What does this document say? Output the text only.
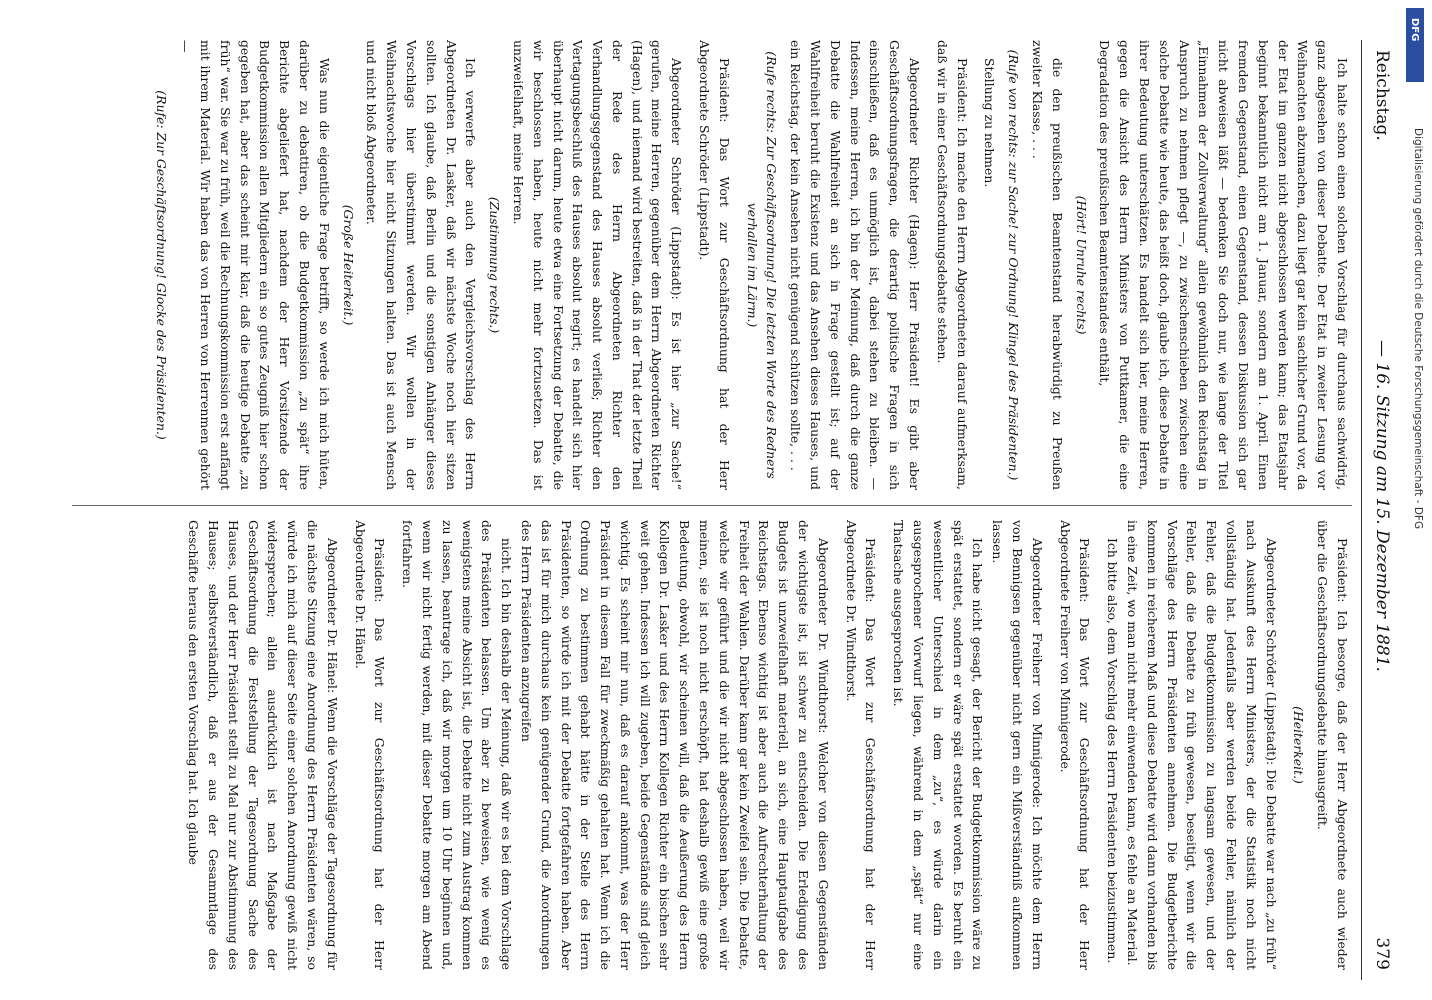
Reichstag.
— 16. Sitzung am 15. Dezember 1881.
379

Ich halte schon einen solchen Vorschlag für durchaus sachwidrig, ganz abgesehen von dieser Debatte. Der Etat in zweiter Lesung vor Weihnachten abzumachen, dazu liegt gar kein sachlicher Grund vor, da der Etat im ganzen nicht abgeschlossen werden kann; das Etatsjahr beginnt bekanntlich nicht am 1. Januar, sondern am 1. April. Einen fremden Gegenstand, einen Gegenstand, dessen Diskussion sich gar nicht abweisen läßt — bedenken Sie doch nur, wie lange der Titel „Einnahmen der Zollverwaltung“ allein gewöhnlich den Reichstag in Anspruch zu nehmen pflegt —, zu zwischenschieben zwischen eine solche Debatte wie heute, das heißt doch, glaube ich, diese Debatte in ihrer Bedeutung unterschätzen. Es handelt sich hier, meine Herren, gegen die Ansicht des Herrn Ministers von Puttkamer, die eine Degradation des preußischen Beamtenstandes enthält,

(Hört! Unruhe rechts)

die den preußischen Beamtenstand herabwürdigt zu Preußen zweiter Klasse, . . .

(Rufe von rechts: zur Sache! zur Ordnung! Klingel des Präsidenten.)

Stellung zu nehmen.

Präsident: Ich mache den Herrn Abgeordneten darauf aufmerksam, daß wir in einer Geschäftsordnungsdebatte stehen.

Abgeordneter Richter (Hagen): Herr Präsident! Es gibt aber Geschäftsordnungsfragen, die derartig politische Fragen in sich einschließen, daß es unmöglich ist, dabei stehen zu bleiben. — Indessen, meine Herren, ich bin der Meinung, daß durch die ganze Debatte die Wahlfreiheit an sich in Frage gestellt ist; auf der Wahlfreiheit beruht die Existenz und das Ansehen dieses Hauses, und ein Reichstag, der kein Ansehen nicht genügend schützen sollte, . . .

(Rufe rechts: Zur Geschäftsordnung! Die letzten Worte des Redners verhallen im Lärm.)

Präsident: Das Wort zur Geschäftsordnung hat der Herr Abgeordnete Schröder (Lippstadt).

Abgeordneter Schröder (Lippstadt): Es ist hier „zur Sache!“ gerufen, meine Herren, gegenüber dem Herrn Abgeordneten Richter (Hagen), und niemand wird bestreiten, daß in der That der letzte Theil der Rede des Herrn Abgeordneten Richter den Verhandlungsgegenstand des Hauses absolut verließ; Richter den Vertagungsbeschluß des Hauses absolut negirt; es handelt sich hier überhaupt nicht darum, heute etwa eine Fortsetzung der Debatte, die wir beschlossen haben, heute nicht mehr fortzusetzen. Das ist unzweifelhaft, meine Herren.

(Zustimmung rechts.)

Ich verwerfe aber auch den Vergleichsvorschlag des Herrn Abgeordneten Dr. Lasker, daß wir nächste Woche noch hier sitzen sollten. Ich glaube, daß Berlin und die sonstigen Anhänger dieses Vorschlags hier überstimmt werden. Wir wollen in der Weihnachtswoche hier nicht Sitzungen halten. Das ist auch Mensch und nicht bloß Abgeordneter.

(Große Heiterkeit.)

Was nun die eigentliche Frage betrifft, so werde ich mich hüten, darüber zu debattiren, ob die Budgetkommission „zu spät“ ihre Berichte abgeliefert hat, nachdem der Herr Vorsitzende der Budgetkommission allen Mitgliedern ein so gutes Zeugniß hier schon gegeben hat, aber das scheint mir klar, daß die heutige Debatte „zu früh“ war. Sie war zu früh, weil die Rechnungskommission erst anfängt mit ihrem Material. Wir haben das von Herren von Herrenmen gehört —

(Rufe: Zur Geschäftsordnung! Glocke des Präsidenten.)

Präsident: Ich besorge, daß der Herr Abgeordnete auch wieder über die Geschäftsordnungsdebatte hinausgreift.

(Heiterkeit.)

Abgeordneter Schröder (Lippstadt): Die Debatte war nach „zu früh“ nach Auskunft des Herrn Ministers, der die Statistik noch nicht vollständig hat. Jedenfalls aber werden beide Fehler, nämlich der Fehler, daß die Budgetkommission zu langsam gewesen, und der Fehler, daß die Debatte zu früh gewesen, beseitigt, wenn wir die Vorschläge des Herrn Präsidenten annehmen. Die Budgetberichte kommen in reicherem Maß und diese Debatte wird dann vorhanden bis in eine Zeit, wo man nicht mehr einwenden kann, es fehle an Material.

Ich bitte also, dem Vorschlag des Herrn Präsidenten beizustimmen.

Präsident: Das Wort zur Geschäftsordnung hat der Herr Abgeordnete Freiherr von Minnigerode.

Abgeordneter Freiherr von Minnigerode: Ich möchte dem Herrn von Bennigsen gegenüber nicht gern ein Mißverständniß aufkommen lassen.

Ich habe nicht gesagt, der Bericht der Budgetkommission wäre zu spät erstattet, sondern er wäre spät erstattet worden. Es beruht ein wesentlicher Unterschied in dem „zu“, es würde darin ein ausgesprochener Vorwurf liegen, während in dem „spät“ nur eine Thatsache ausgesprochen ist.

Präsident: Das Wort zur Geschäftsordnung hat der Herr Abgeordnete Dr. Windthorst.

Abgeordneter Dr. Windthorst: Welcher von diesen Gegenständen der wichtigste ist, ist schwer zu entscheiden. Die Erledigung des Budgets ist unzweifelhaft materiell, an sich, eine Hauptaufgabe des Reichstags. Ebenso wichtig ist aber auch die Aufrechterhaltung der Freiheit der Wahlen. Darüber kann gar kein Zweifel sein. Die Debatte, welche wir geführt und die wir nicht abgeschlossen haben, weil wir meinen, sie ist noch nicht erschöpft, hat deshalb gewiß eine große Bedeutung, obwohl, wir scheinen will, daß die Aeußerung des Herrn Kollegen Dr. Lasker und des Herrn Kollegen Richter ein bischen sehr weit gehen. Indessen ich will zugeben, beide Gegenstände sind gleich wichtig. Es scheint mir nun, daß es darauf ankommt, was der Herr Präsident in diesem Fall für zweckmäßig gehalten hat. Wenn ich die Ordnung zu bestimmen gehabt hätte in der Stelle des Herrn Präsidenten, so würde ich mit der Debatte fortgefahren haben. Aber das ist für mich durchaus kein genügender Grund, die Anordnungen des Herrn Präsidenten anzugreifen

nicht. Ich bin deshalb der Meinung, daß wir es bei dem Vorschlage des Präsidenten belassen. Um aber zu beweisen, wie wenig es wenigstens meine Absicht ist, die Debatte nicht zum Austrag kommen zu lassen, beantrage ich, daß wir morgen um 10 Uhr beginnen und, wenn wir nicht fertig werden, mit dieser Debatte morgen am Abend fortfahren.

Präsident: Das Wort zur Geschäftsordnung hat der Herr Abgeordnete Dr. Hänel.

Abgeordneter Dr. Hänel: Wenn die Vorschläge der Tagesordnung für die nächste Sitzung eine Anordnung des Herrn Präsidenten wären, so würde ich mich auf dieser Seite einer solchen Anordnung gewiß nicht widersprechen; allein ausdrücklich ist nach Maßgabe der Geschäftsordnung die Feststellung der Tagesordnung Sache des Hauses, und der Herr Präsident stellt zu Mal nur zur Abstimmung des Hauses; selbstverständlich, daß er aus der Gesammtlage des Geschäfte heraus den ersten Vorschlag hat. Ich glaube

DFG
Digitalisierung gefördert durch die Deutsche Forschungsgemeinschaft - DFG
